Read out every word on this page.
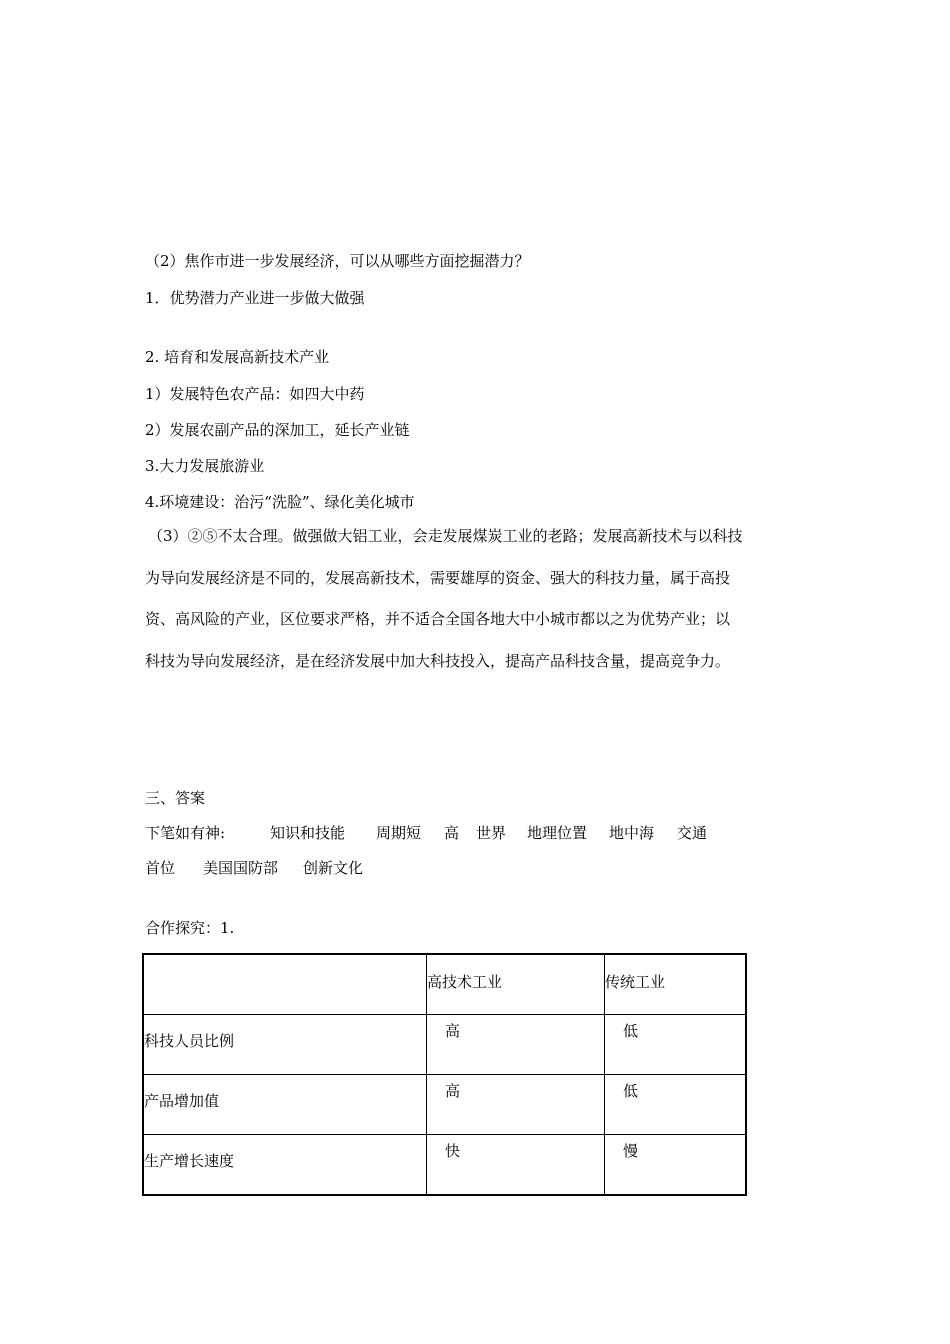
（2）焦作市进一步发展经济，可以从哪些方面挖掘潜力？
1．优势潜力产业进一步做大做强
2. 培育和发展高新技术产业
1）发展特色农产品：如四大中药
2）发展农副产品的深加工，延长产业链
3.大力发展旅游业
4.环境建设：治污“洗脸”、绿化美化城市
（3）②⑤不太合理。做强做大铝工业，会走发展煤炭工业的老路；发展高新技术与以科技
为导向发展经济是不同的，发展高新技术，需要雄厚的资金、强大的科技力量，属于高投
资、高风险的产业，区位要求严格，并不适合全国各地大中小城市都以之为优势产业；以
科技为导向发展经济，是在经济发展中加大科技投入，提高产品科技含量，提高竞争力。
三、答案
下笔如有神:	知识和技能 周期短 高 世界 地理位置 地中海 交通
首位 美国国防部 创新文化
合作探究：1.

	高技术工业	传统工业

科技人员比例	高	低

产品增加值	高	低

生产增长速度	快	慢
